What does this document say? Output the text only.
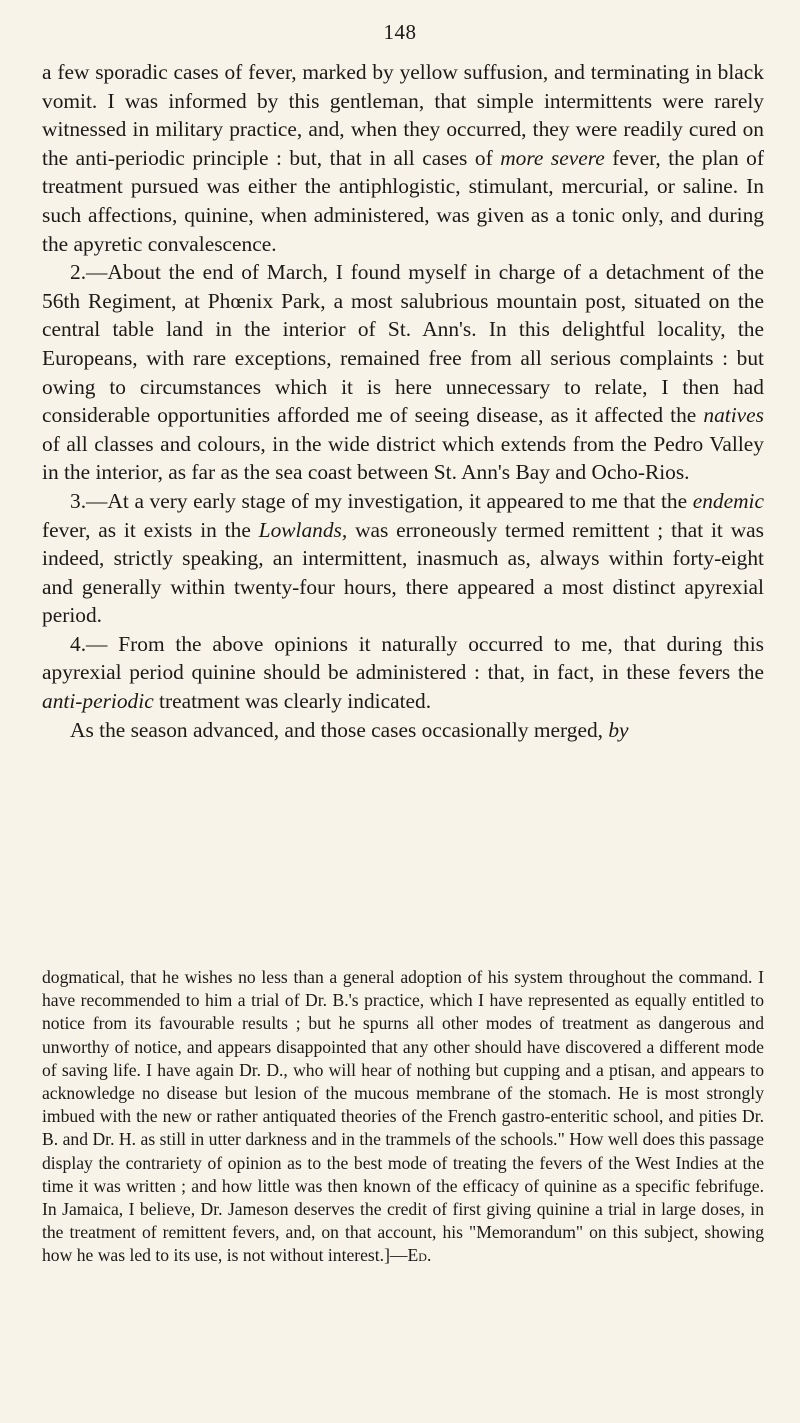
148

a few sporadic cases of fever, marked by yellow suffusion, and terminating in black vomit. I was informed by this gentleman, that simple intermittents were rarely witnessed in military practice, and, when they occurred, they were readily cured on the anti-periodic principle : but, that in all cases of more severe fever, the plan of treatment pursued was either the antiphlogistic, stimulant, mercurial, or saline. In such affections, quinine, when administered, was given as a tonic only, and during the apyretic convalescence.

2.—About the end of March, I found myself in charge of a detachment of the 56th Regiment, at Phœnix Park, a most salubrious mountain post, situated on the central table land in the interior of St. Ann's. In this delightful locality, the Europeans, with rare exceptions, remained free from all serious complaints : but owing to circumstances which it is here unnecessary to relate, I then had considerable opportunities afforded me of seeing disease, as it affected the natives of all classes and colours, in the wide district which extends from the Pedro Valley in the interior, as far as the sea coast between St. Ann's Bay and Ocho-Rios.

3.—At a very early stage of my investigation, it appeared to me that the endemic fever, as it exists in the Lowlands, was erroneously termed remittent ; that it was indeed, strictly speaking, an intermittent, inasmuch as, always within forty-eight and generally within twenty-four hours, there appeared a most distinct apyrexial period.

4.— From the above opinions it naturally occurred to me, that during this apyrexial period quinine should be administered : that, in fact, in these fevers the anti-periodic treatment was clearly indicated.

As the season advanced, and those cases occasionally merged, by

dogmatical, that he wishes no less than a general adoption of his system throughout the command. I have recommended to him a trial of Dr. B.'s practice, which I have represented as equally entitled to notice from its favourable results ; but he spurns all other modes of treatment as dangerous and unworthy of notice, and appears disappointed that any other should have discovered a different mode of saving life. I have again Dr. D., who will hear of nothing but cupping and a ptisan, and appears to acknowledge no disease but lesion of the mucous membrane of the stomach. He is most strongly imbued with the new or rather antiquated theories of the French gastro-enteritic school, and pities Dr. B. and Dr. H. as still in utter darkness and in the trammels of the schools." How well does this passage display the contrariety of opinion as to the best mode of treating the fevers of the West Indies at the time it was written ; and how little was then known of the efficacy of quinine as a specific febrifuge. In Jamaica, I believe, Dr. Jameson deserves the credit of first giving quinine a trial in large doses, in the treatment of remittent fevers, and, on that account, his "Memorandum" on this subject, showing how he was led to its use, is not without interest.]—Ed.
